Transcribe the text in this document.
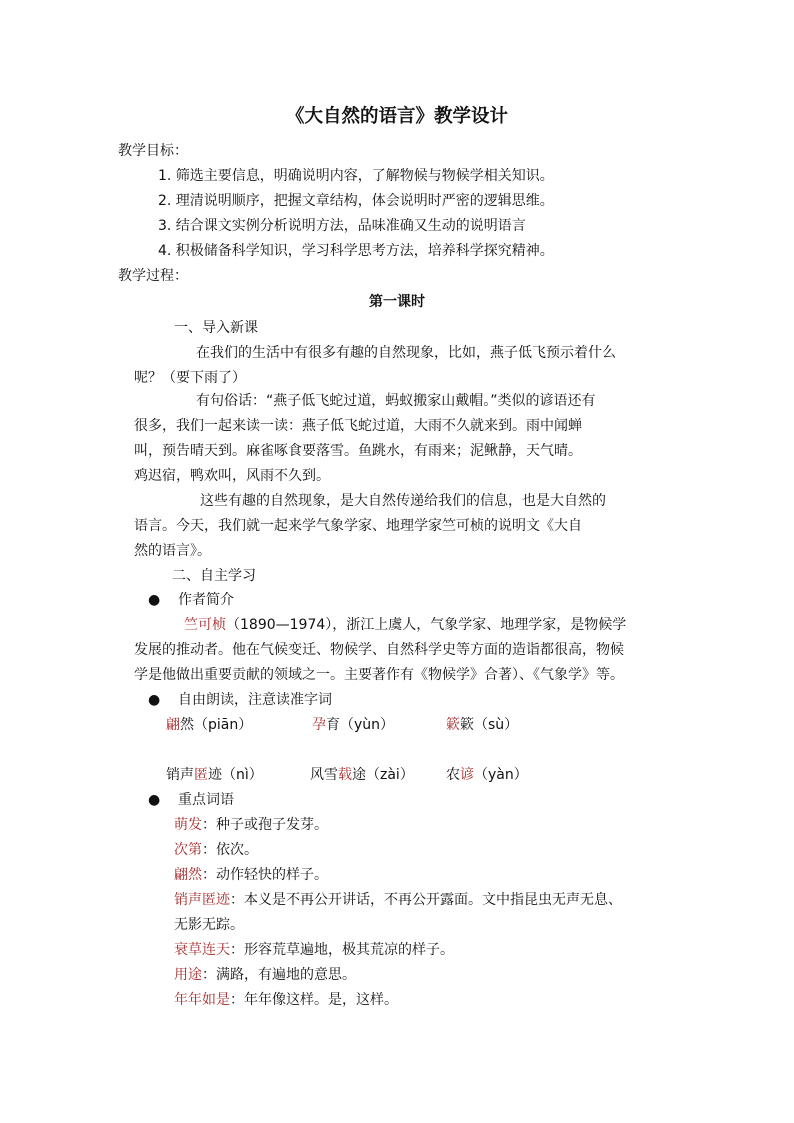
《大自然的语言》教学设计
教学目标：
1. 筛选主要信息，明确说明内容，了解物候与物候学相关知识。
2. 理清说明顺序，把握文章结构，体会说明时严密的逻辑思维。
3. 结合课文实例分析说明方法，品味准确又生动的说明语言
4. 积极储备科学知识，学习科学思考方法，培养科学探究精神。
教学过程：
第一课时
一、导入新课
在我们的生活中有很多有趣的自然现象，比如，燕子低飞预示着什么
呢？（要下雨了）
有句俗话：“燕子低飞蛇过道，蚂蚁搬家山戴帽。”类似的谚语还有
很多，我们一起来读一读：燕子低飞蛇过道，大雨不久就来到。雨中闻蝉
叫，预告晴天到。麻雀啄食要落雪。鱼跳水，有雨来；泥鳅静，天气晴。
鸡迟宿，鸭欢叫，风雨不久到。
这些有趣的自然现象，是大自然传递给我们的信息，也是大自然的
语言。今天，我们就一起来学气象学家、地理学家竺可桢的说明文《大自
然的语言》。
二、自主学习
● 作者简介
竺可桢（1890—1974），浙江上虞人，气象学家、地理学家，是物候学
发展的推动者。他在气候变迁、物候学、自然科学史等方面的造诣都很高，物候
学是他做出重要贡献的领域之一。主要著作有《物候学》合著）、《气象学》等。
● 自由朗读，注意读准字词
翩然（piān）	孕育（yùn）	簌簌（sù）
销声匿迹（nì）	风雪载途（zài） 农谚（yàn）
● 重点词语
萌发：种子或孢子发芽。
次第：依次。
翩然：动作轻快的样子。
销声匿迹：本义是不再公开讲话，不再公开露面。文中指昆虫无声无息、
无影无踪。
衰草连天：形容荒草遍地，极其荒凉的样子。
用途：满路，有遍地的意思。
年年如是：年年像这样。是，这样。
